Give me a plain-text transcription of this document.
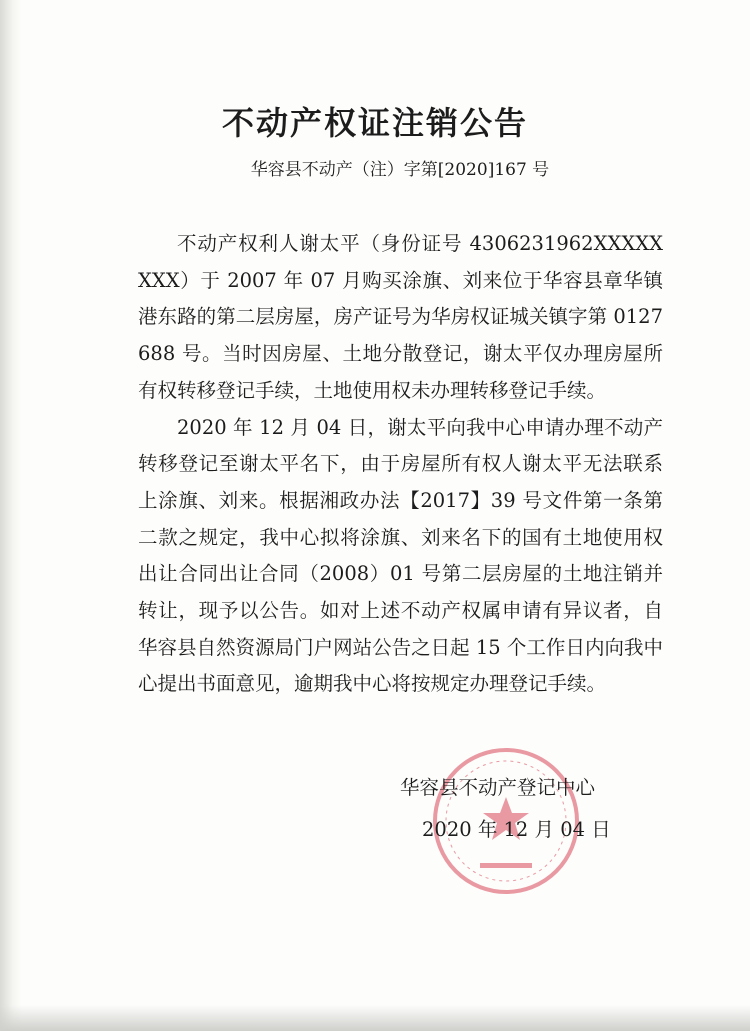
不动产权证注销公告
华容县不动产（注）字第[2020]167 号

不动产权利人谢太平（身份证号 4306231962XXXXXXXX）于 2007 年 07 月购买涂旗、刘来位于华容县章华镇港东路的第二层房屋，房产证号为华房权证城关镇字第 0127688 号。当时因房屋、土地分散登记，谢太平仅办理房屋所有权转移登记手续，土地使用权未办理转移登记手续。

2020 年 12 月 04 日，谢太平向我中心申请办理不动产转移登记至谢太平名下，由于房屋所有权人谢太平无法联系上涂旗、刘来。根据湘政办法【2017】39 号文件第一条第二款之规定，我中心拟将涂旗、刘来名下的国有土地使用权出让合同出让合同（2008）01 号第二层房屋的土地注销并转让，现予以公告。如对上述不动产权属申请有异议者，自华容县自然资源局门户网站公告之日起 15 个工作日内向我中心提出书面意见，逾期我中心将按规定办理登记手续。

华容县不动产登记中心
2020 年 12 月 04 日
